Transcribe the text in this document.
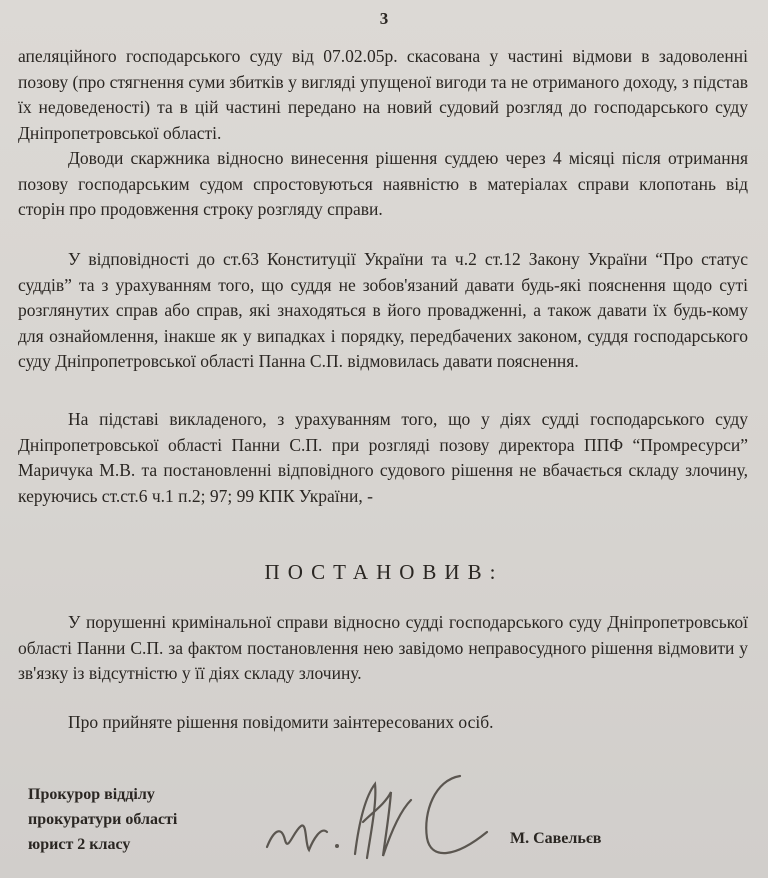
3

апеляційного господарського суду від 07.02.05р. скасована у частині відмови в задоволенні позову (про стягнення суми збитків у вигляді упущеної вигоди та не отриманого доходу, з підстав їх недоведеності) та в цій частині передано на новий судовий розгляд до господарського суду Дніпропетровської області.

Доводи скаржника відносно винесення рішення суддею через 4 місяці після отримання позову господарським судом спростовуються наявністю в матеріалах справи клопотань від сторін про продовження строку розгляду справи.

У відповідності до ст.63 Конституції України та ч.2 ст.12 Закону України “Про статус суддів” та з урахуванням того, що суддя не зобов'язаний давати будь-які пояснення щодо суті розглянутих справ або справ, які знаходяться в його провадженні, а також давати їх будь-кому для ознайомлення, інакше як у випадках і порядку, передбачених законом, суддя господарського суду Дніпропетровської області Панна С.П. відмовилась давати пояснення.

На підставі викладеного, з урахуванням того, що у діях судді господарського суду Дніпропетровської області Панни С.П. при розгляді позову директора ППФ “Промресурси” Маричука М.В. та постановленні відповідного судового рішення не вбачається складу злочину, керуючись ст.ст.6 ч.1 п.2; 97; 99 КПК України, -

ПОСТАНОВИВ:

У порушенні кримінальної справи відносно судді господарського суду Дніпропетровської області Панни С.П. за фактом постановлення нею завідомо неправосудного рішення відмовити у зв'язку із відсутністю у її діях складу злочину.

Про прийняте рішення повідомити заінтересованих осіб.

Прокурор відділу
прокуратури області
юрист 2 класу	М. Савельєв
